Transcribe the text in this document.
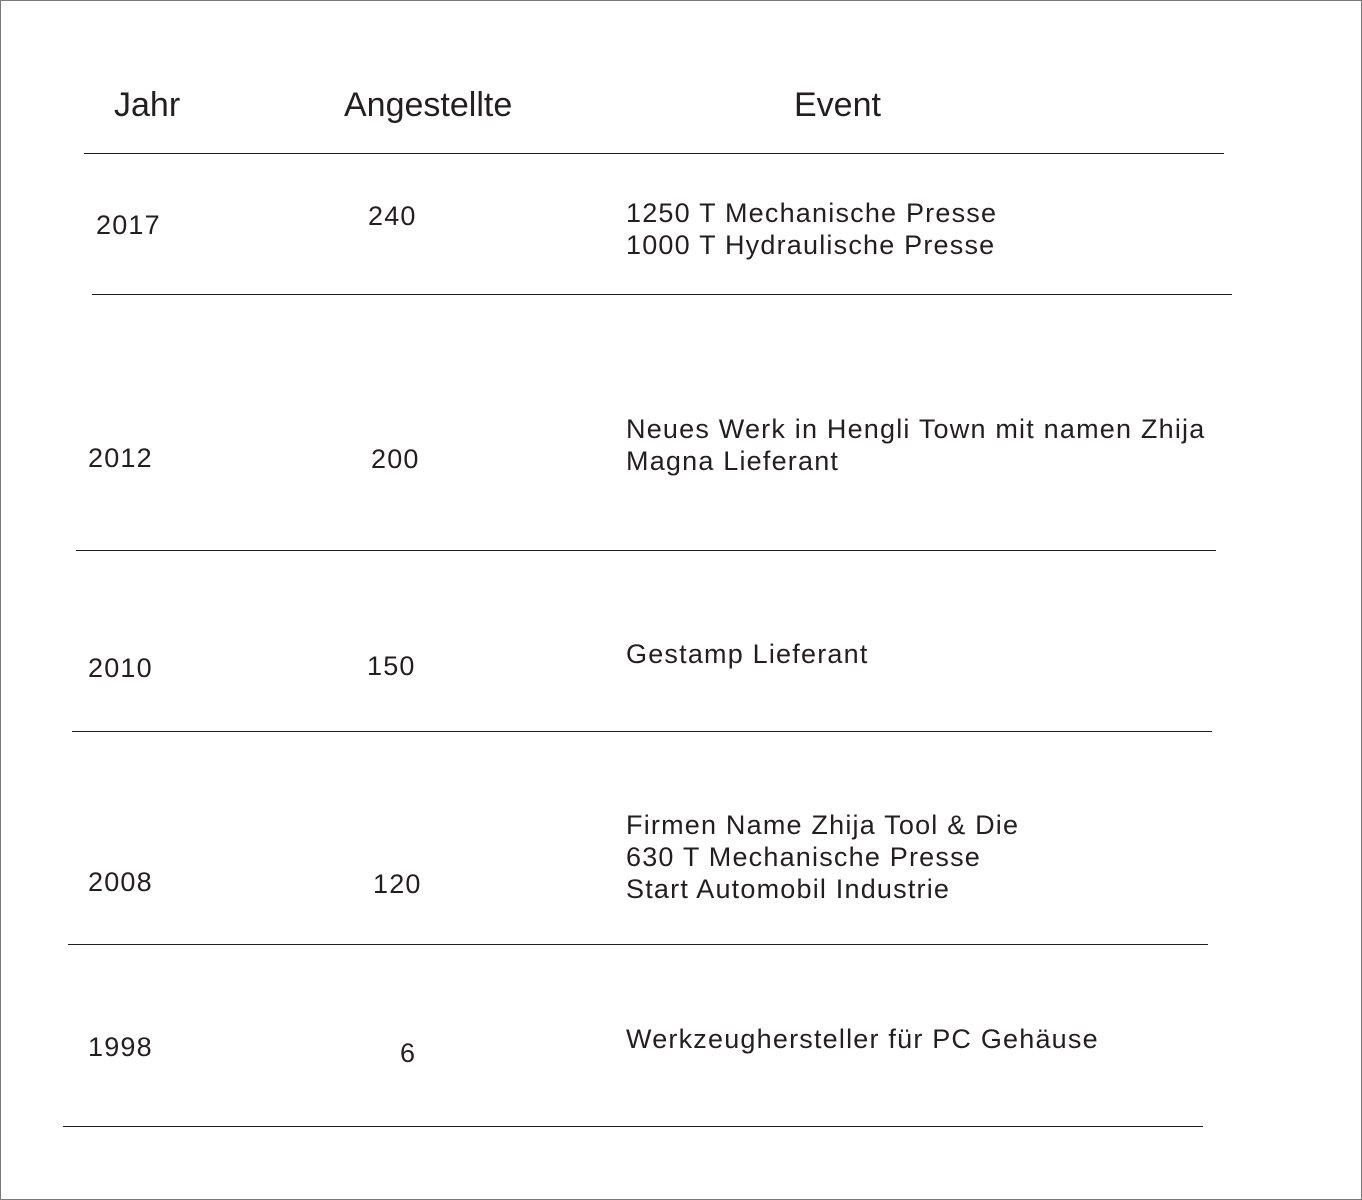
Jahr	Angestellte	Event
2017	240	1250 T Mechanische Presse
1000 T Hydraulische Presse
2012	200
Neues Werk in Hengli Town mit namen Zhija
Magna Lieferant
2010	150	Gestamp Lieferant
2008	120
Firmen Name Zhija Tool & Die
630 T Mechanische Presse
Start Automobil Industrie
1998	6	Werkzeughersteller für PC Gehäuse
